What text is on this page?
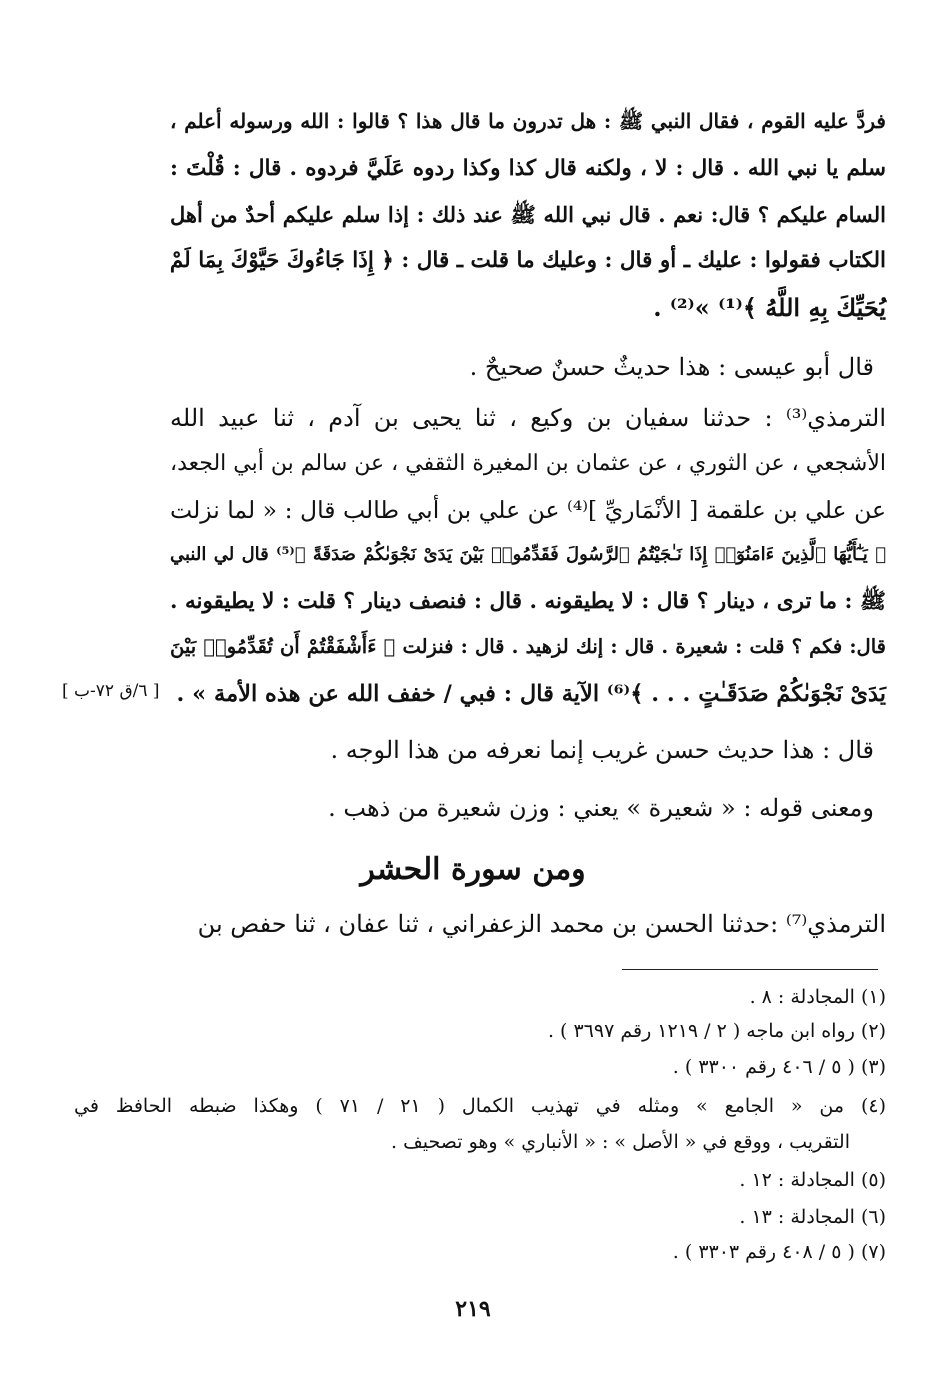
فردَّ عليه القوم ، فقال النبي ﷺ : هل تدرون ما قال هذا ؟ قالوا : الله ورسوله أعلم ،
سلم يا نبي الله . قال : لا ، ولكنه قال كذا وكذا ردوه عَلَيَّ فردوه . قال : قُلْتَ :
السام عليكم ؟ قال: نعم . قال نبي الله ﷺ عند ذلك : إذا سلم عليكم أحدٌ من أهل
الكتاب فقولوا : عليك ـ أو قال : وعليك ما قلت ـ قال : ﴿ إِذَا جَاءُوكَ حَيَّوْكَ بِمَا لَمْ
يُحَيِّكَ بِهِ اللَّهُ ﴾⁽¹⁾ »⁽²⁾ .
قال أبو عيسى : هذا حديثٌ حسنٌ صحيحٌ .
الترمذي⁽³⁾ : حدثنا سفيان بن وكيع ، ثنا يحيى بن آدم ، ثنا عبيد الله
الأشجعي ، عن الثوري ، عن عثمان بن المغيرة الثقفي ، عن سالم بن أبي الجعد،
عن علي بن علقمة [ الأنْمَاريِّ ]⁽⁴⁾ عن علي بن أبي طالب قال : « لما نزلت
﴿ يَـٰٓأَيُّهَا ٱلَّذِينَ ءَامَنُوٓا۟ إِذَا نَـٰجَيْتُمُ ٱلرَّسُولَ فَقَدِّمُوا۟ بَيْنَ يَدَىْ نَجْوَىٰكُمْ صَدَقَةً ﴾⁽⁵⁾ قال لي النبي
ﷺ : ما ترى ، دينار ؟ قال : لا يطيقونه . قال : فنصف دينار ؟ قلت : لا يطيقونه .
قال: فكم ؟ قلت : شعيرة . قال : إنك لزهيد . قال : فنزلت ﴿ ءَأَشْفَقْتُمْ أَن تُقَدِّمُوا۟ بَيْنَ
يَدَىْ نَجْوَىٰكُمْ صَدَقَـٰتٍ . . . ﴾⁽⁶⁾ الآية قال : فبي / خفف الله عن هذه الأمة » .
[ ٦/ق ٧٢-ب ]
قال : هذا حديث حسن غريب إنما نعرفه من هذا الوجه .
ومعنى قوله : « شعيرة » يعني : وزن شعيرة من ذهب .
ومن سورة الحشر
الترمذي⁽⁷⁾ :حدثنا الحسن بن محمد الزعفراني ، ثنا عفان ، ثنا حفص بن
(١) المجادلة : ٨ .
(٢) رواه ابن ماجه ( ٢ / ١٢١٩ رقم ٣٦٩٧ ) .
(٣) ( ٥ / ٤٠٦ رقم ٣٣٠٠ ) .
(٤) من « الجامع » ومثله في تهذيب الكمال ( ٢١ / ٧١ ) وهكذا ضبطه الحافظ في
التقريب ، ووقع في « الأصل » : « الأنباري » وهو تصحيف .
(٥) المجادلة : ١٢ .
(٦) المجادلة : ١٣ .
(٧) ( ٥ / ٤٠٨ رقم ٣٣٠٣ ) .
٢١٩
